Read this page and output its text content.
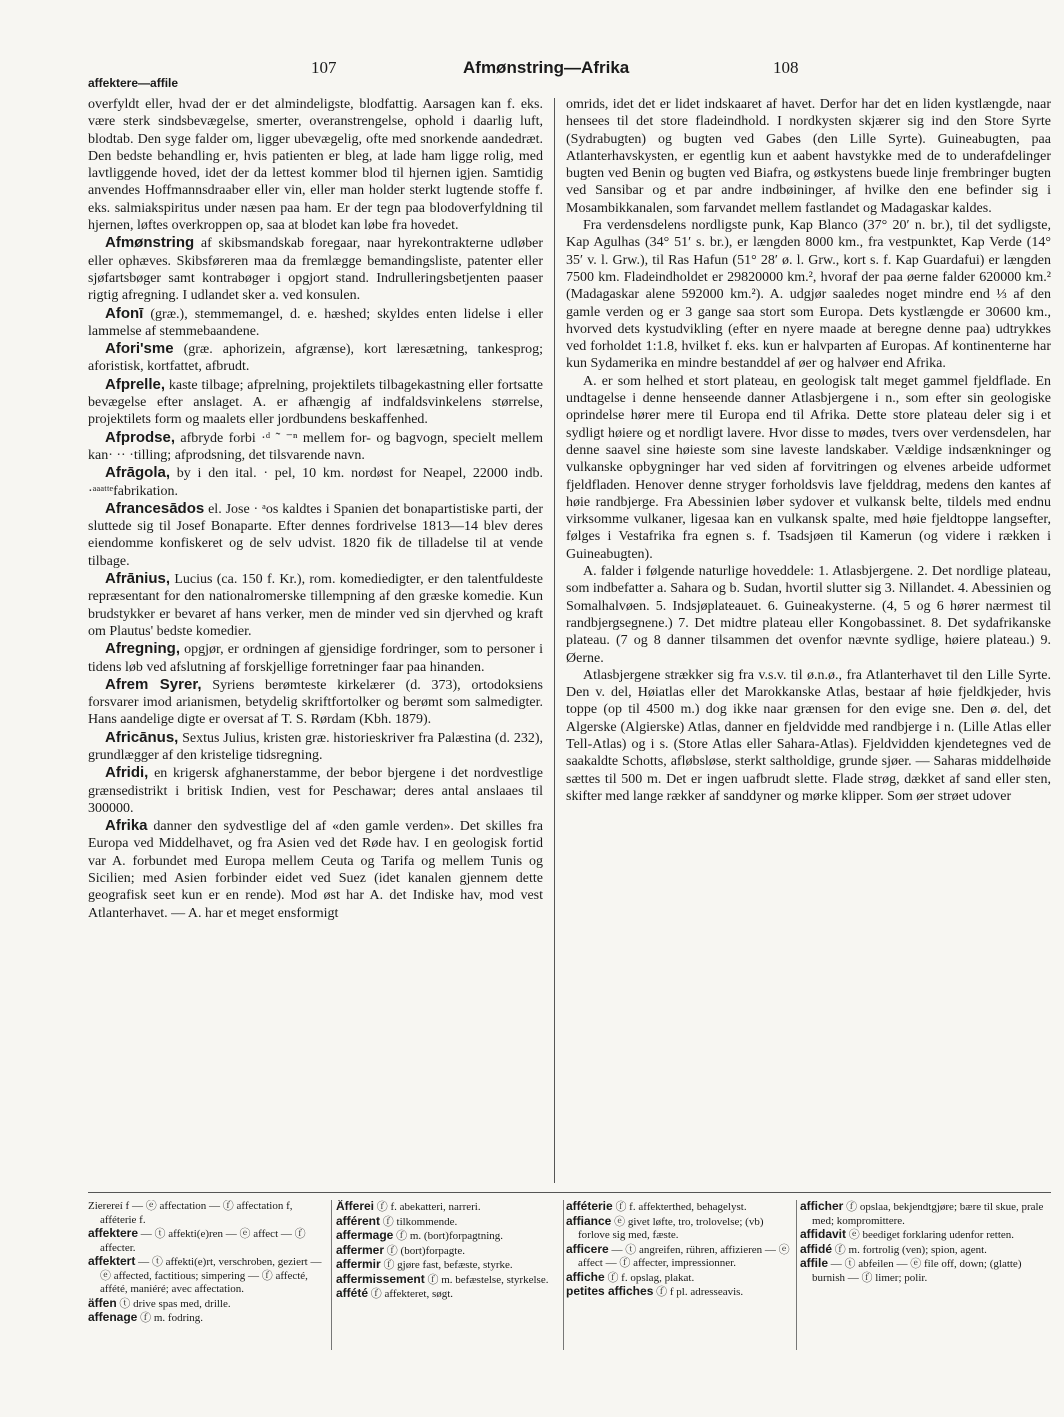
107	Afmønstring—Afrika	108
affektere—affile

overfyldt eller, hvad der er det almindeligste, blodfattig. Aarsagen kan f. eks. være sterk sindsbevægelse, smerter, overanstrengelse, ophold i daarlig luft, blodtab. Den syge falder om, ligger ubevægelig, ofte med snorkende aandedræt. Den bedste behandling er, hvis patienten er bleg, at lade ham ligge rolig, med lavtliggende hoved, idet der da lettest kommer blod til hjernen igjen. Samtidig anvendes Hoffmannsdraaber eller vin, eller man holder sterkt lugtende stoffe f. eks. salmiakspiritus under næsen paa ham. Er der tegn paa blodoverfyldning til hjernen, løftes overkroppen op, saa at blodet kan løbe fra hovedet.

Afmønstring af skibsmandskab foregaar, naar hyrekontrakterne udløber eller ophæves. Skibsføreren maa da fremlægge bemandingsliste, patenter eller sjøfartsbøger samt kontrabøger i opgjort stand. Indrulleringsbetjenten paaser rigtig afregning. I udlandet sker a. ved konsulen.

Afonī (græ.), stemmemangel, d. e. hæshed; skyldes enten lidelse i eller lammelse af stemmebaandene.

Afori'sme (græ. aphorizein, afgrænse), kort læresætning, tankesprog; aforistisk, kortfattet, afbrudt.

Afprelle, kaste tilbage; afprelning, projektilets tilbagekastning eller fortsatte bevægelse efter anslaget. A. er afhængig af indfaldsvinkelens størrelse, projektilets form og maalets eller jordbundens beskaffenhed.

Afprodse, afbryde forbi ·ᵈ ˜ ⁻ⁿ mellem for- og bagvogn, specielt mellem kan· ·· ·tilling; afprodsning, det tilsvarende navn.

Afrāgola, by i den ital. · pel, 10 km. nordøst for Neapel, 22000 indb. ·ᵃᵃᵃᵗᵗᵉfabrikation.

Afrancesādos el. Jose · ᵃos kaldtes i Spanien det bonapartistiske parti, der sluttede sig til Josef Bonaparte. Efter dennes fordrivelse 1813—14 blev deres eiendomme konfiskeret og de selv udvist. 1820 fik de tilladelse til at vende tilbage.

Afrānius, Lucius (ca. 150 f. Kr.), rom. komediedigter, er den talentfuldeste repræsentant for den nationalromerske tillempning af den græske komedie. Kun brudstykker er bevaret af hans verker, men de minder ved sin djervhed og kraft om Plautus' bedste komedier.

Afregning, opgjør, er ordningen af gjensidige fordringer, som to personer i tidens løb ved afslutning af forskjellige forretninger faar paa hinanden.

Afrem Syrer, Syriens berømteste kirkelærer (d. 373), ortodoksiens forsvarer imod arianismen, betydelig skriftfortolker og berømt som salmedigter. Hans aandelige digte er oversat af T. S. Rørdam (Kbh. 1879).

Africānus, Sextus Julius, kristen græ. historieskriver fra Palæstina (d. 232), grundlægger af den kristelige tidsregning.

Afridi, en krigersk afghanerstamme, der bebor bjergene i det nordvestlige grænsedistrikt i britisk Indien, vest for Peschawar; deres antal anslaaes til 300000.

Afrika danner den sydvestlige del af «den gamle verden». Det skilles fra Europa ved Middelhavet, og fra Asien ved det Røde hav. I en geologisk fortid var A. forbundet med Europa mellem Ceuta og Tarifa og mellem Tunis og Sicilien; med Asien forbinder eidet ved Suez (idet kanalen gjennem dette geografisk seet kun er en rende). Mod øst har A. det Indiske hav, mod vest Atlanterhavet. — A. har et meget ensformigt

omrids, idet det er lidet indskaaret af havet. Derfor har det en liden kystlængde, naar hensees til det store fladeindhold. I nordkysten skjærer sig ind den Store Syrte (Sydrabugten) og bugten ved Gabes (den Lille Syrte). Guineabugten, paa Atlanterhavskysten, er egentlig kun et aabent havstykke med de to underafdelinger bugten ved Benin og bugten ved Biafra, og østkystens buede linje frembringer bugten ved Sansibar og et par andre indbøininger, af hvilke den ene befinder sig i Mosambikkanalen, som farvandet mellem fastlandet og Madagaskar kaldes.

Fra verdensdelens nordligste punk, Kap Blanco (37° 20′ n. br.), til det sydligste, Kap Agulhas (34° 51′ s. br.), er længden 8000 km., fra vestpunktet, Kap Verde (14° 35′ v. l. Grw.), til Ras Hafun (51° 28′ ø. l. Grw., kort s. f. Kap Guardafui) er længden 7500 km. Fladeindholdet er 29820000 km.², hvoraf der paa øerne falder 620000 km.² (Madagaskar alene 592000 km.²). A. udgjør saaledes noget mindre end ⅓ af den gamle verden og er 3 gange saa stort som Europa. Dets kystlængde er 30600 km., hvorved dets kystudvikling (efter en nyere maade at beregne denne paa) udtrykkes ved forholdet 1:1.8, hvilket f. eks. kun er halvparten af Europas. Af kontinenterne har kun Sydamerika en mindre bestanddel af øer og halvøer end Afrika.

A. er som helhed et stort plateau, en geologisk talt meget gammel fjeldflade. En undtagelse i denne henseende danner Atlasbjergene i n., som efter sin geologiske oprindelse hører mere til Europa end til Afrika. Dette store plateau deler sig i et sydligt høiere og et nordligt lavere. Hvor disse to mødes, tvers over verdensdelen, har denne saavel sine høieste som sine laveste landskaber. Vældige indsænkninger og vulkanske opbygninger har ved siden af forvitringen og elvenes arbeide udformet fjeldfladen. Henover denne stryger forholdsvis lave fjelddrag, medens den kantes af høie randbjerge. Fra Abessinien løber sydover et vulkansk belte, tildels med endnu virksomme vulkaner, ligesaa kan en vulkansk spalte, med høie fjeldtoppe langsefter, følges i Vestafrika fra egnen s. f. Tsadsjøen til Kamerun (og videre i rækken i Guineabugten).

A. falder i følgende naturlige hoveddele: 1. Atlasbjergene. 2. Det nordlige plateau, som indbefatter a. Sahara og b. Sudan, hvortil slutter sig 3. Nillandet. 4. Abessinien og Somalhalvøen. 5. Indsjøplateauet. 6. Guineakysterne. (4, 5 og 6 hører nærmest til randbjergsegnene.) 7. Det midtre plateau eller Kongobassinet. 8. Det sydafrikanske plateau. (7 og 8 danner tilsammen det ovenfor nævnte sydlige, høiere plateau.) 9. Øerne.

Atlasbjergene strækker sig fra v.s.v. til ø.n.ø., fra Atlanterhavet til den Lille Syrte. Den v. del, Høiatlas eller det Marokkanske Atlas, bestaar af høie fjeldkjeder, hvis toppe (op til 4500 m.) dog ikke naar grænsen for den evige sne. Den ø. del, det Algerske (Algierske) Atlas, danner en fjeldvidde med randbjerge i n. (Lille Atlas eller Tell-Atlas) og i s. (Store Atlas eller Sahara-Atlas). Fjeldvidden kjendetegnes ved de saakaldte Schotts, afløbsløse, sterkt saltholdige, grunde sjøer. — Saharas middelhøide sættes til 500 m. Det er ingen uafbrudt slette. Flade strøg, dækket af sand eller sten, skifter med lange rækker af sanddyner og mørke klipper. Som øer strøet udover

Zierereí f — ⓔ affectation — ⓕ affectation f, afféterie f.

affektere — ⓣ affekti(e)ren — ⓔ affect — ⓕ affecter.

affektert — ⓣ affekti(e)rt, verschroben, geziert — ⓔ affected, factitious; simpering — ⓕ affecté, affété, maniéré; avec affectation.

äffen ⓣ drive spas med, drille.

affenage ⓕ m. fodring.

Äfferei ⓕ f. abekatteri, narreri.

afférent ⓕ tilkommende.

affermage ⓕ m. (bort)forpagtning.

affermer ⓕ (bort)forpagte.

affermir ⓕ gjøre fast, befæste, styrke.

affermissement ⓕ m. befæstelse, styrkelse.

affété ⓕ affekteret, søgt.

afféterie ⓕ f. affekterthed, behagelyst.

affiance ⓔ givet løfte, tro, trolovelse; (vb) forlove sig med, fæste.

afficere — ⓣ angreifen, rühren, affizieren — ⓔ affect — ⓕ affecter, impressionner.

affiche ⓕ f. opslag, plakat.

petites affiches ⓕ f pl. adresseavis.

afficher ⓕ opslaa, bekjendtgjøre; bære til skue, prale med; kompromittere.

affidavit ⓔ beediget forklaring udenfor retten.

affidé ⓕ m. fortrolig (ven); spion, agent.

affile — ⓣ abfeilen — ⓔ file off, down; (glatte) burnish — ⓕ limer; polir.
